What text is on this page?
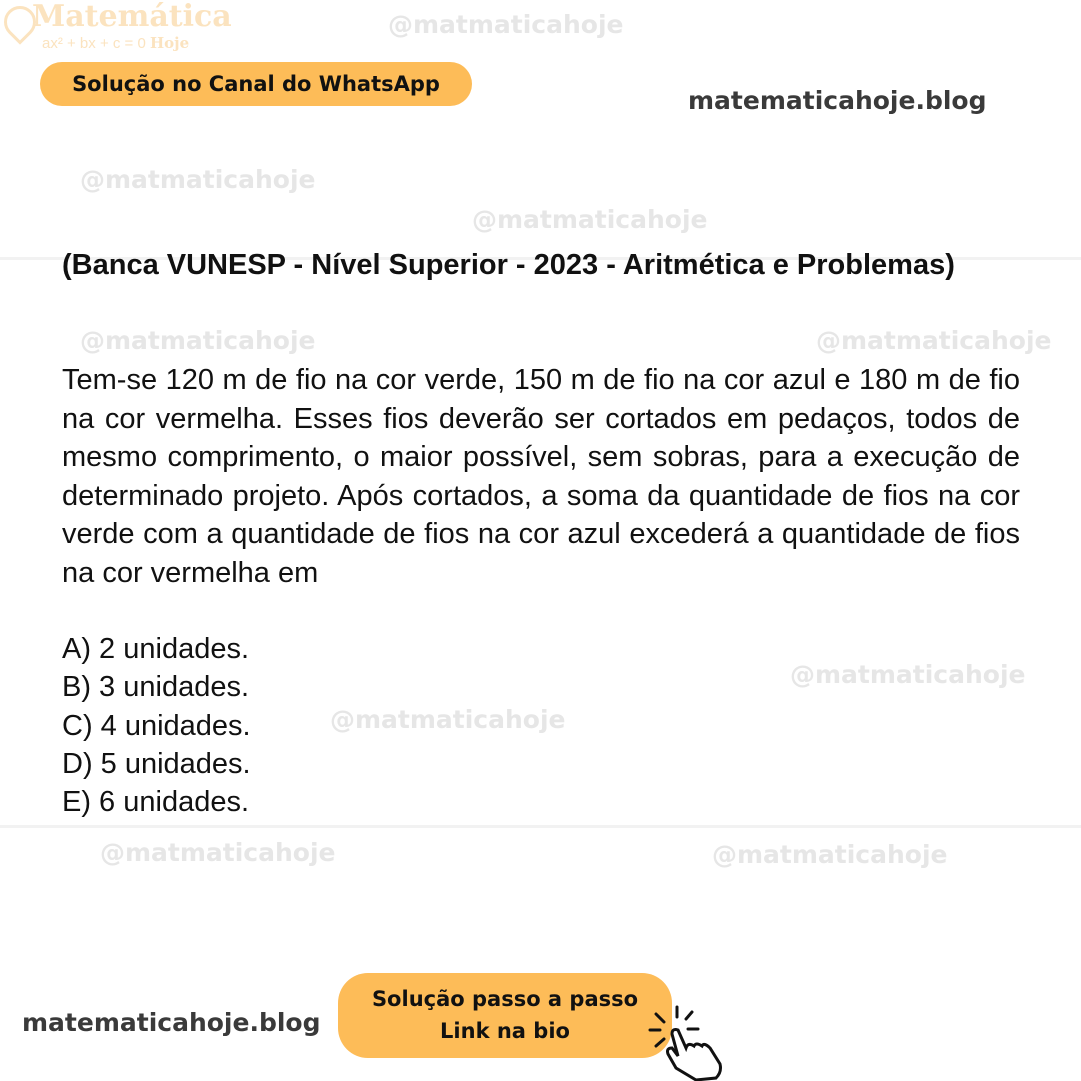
@matmaticahoje
@matmaticahoje
@matmaticahoje	@matmaticahoje
@matmaticahoje
@matmaticahoje
@matmaticahoje
@matmaticahoje	@matmaticahoje
Matemática
ax² + bx + c = 0 Hoje
Solução no Canal do WhatsApp
matematicahoje.blog
(Banca VUNESP - Nível Superior - 2023 - Aritmética e Problemas)
Tem-se 120 m de fio na cor verde, 150 m de fio na cor azul e 180 m de fio na cor vermelha. Esses fios deverão ser cortados em pedaços, todos de mesmo comprimento, o maior possível, sem sobras, para a execução de determinado projeto. Após cortados, a soma da quantidade de fios na cor verde com a quantidade de fios na cor azul excederá a quantidade de fios na cor vermelha em
A) 2 unidades.
B) 3 unidades.
C) 4 unidades.
D) 5 unidades.
E) 6 unidades.
matematicahoje.blog
Solução passo a passo
Link na bio
